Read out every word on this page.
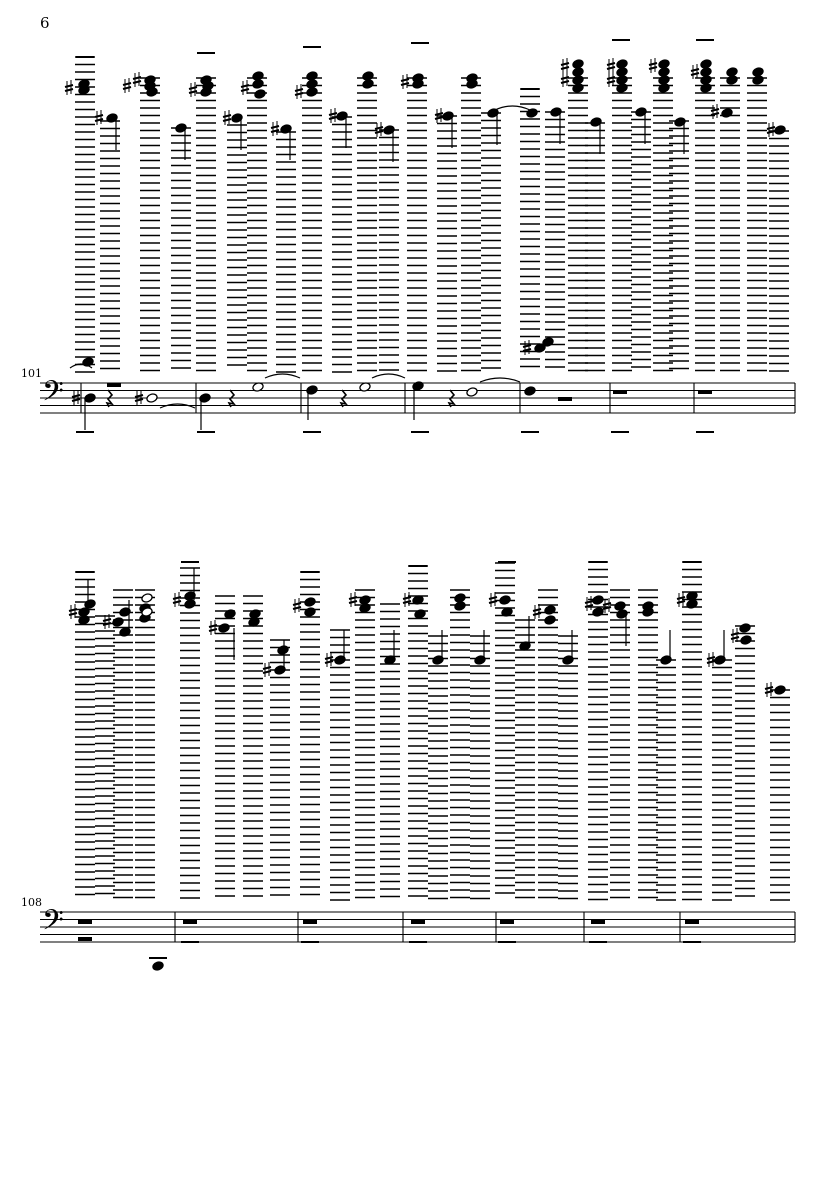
6
101
𝄢
108
𝄢
